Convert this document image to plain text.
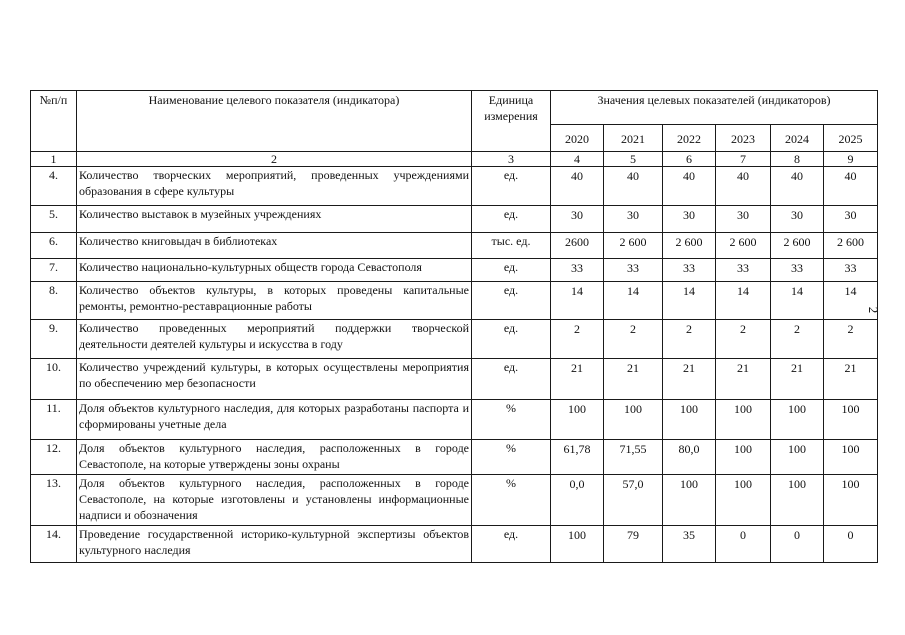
№п/п	Наименование целевого показателя (индикатора)	Единица измерения	Значения целевых показателей (индикаторов)					
			2020	2021	2022	2023	2024	2025
1	2	3	4	5	6	7	8	9
4.	Количество творческих мероприятий, проведенных учреждениями образования в сфере культуры	ед.	40	40	40	40	40	40
5.	Количество выставок в музейных учреждениях	ед.	30	30	30	30	30	30
6.	Количество книговыдач в библиотеках	тыс. ед.	2600	2 600	2 600	2 600	2 600	2 600
7.	Количество национально-культурных обществ города Севастополя	ед.	33	33	33	33	33	33
8.	Количество объектов культуры, в которых проведены капитальные ремонты, ремонтно-реставрационные работы	ед.	14	14	14	14	14	14
9.	Количество проведенных мероприятий поддержки творческой деятельности деятелей культуры и искусства в году	ед.	2	2	2	2	2	2
10.	Количество учреждений культуры, в которых осуществлены мероприятия по обеспечению мер безопасности	ед.	21	21	21	21	21	21
11.	Доля объектов культурного наследия, для которых разработаны паспорта и сформированы учетные дела	%	100	100	100	100	100	100
12.	Доля объектов культурного наследия, расположенных в городе Севастополе, на которые утверждены зоны охраны	%	61,78	71,55	80,0	100	100	100
13.	Доля объектов культурного наследия, расположенных в городе Севастополе, на которые изготовлены и установлены информационные надписи и обозначения	%	0,0	57,0	100	100	100	100
14.	Проведение государственной историко-культурной экспертизы объектов культурного наследия	ед.	100	79	35	0	0	0
2
